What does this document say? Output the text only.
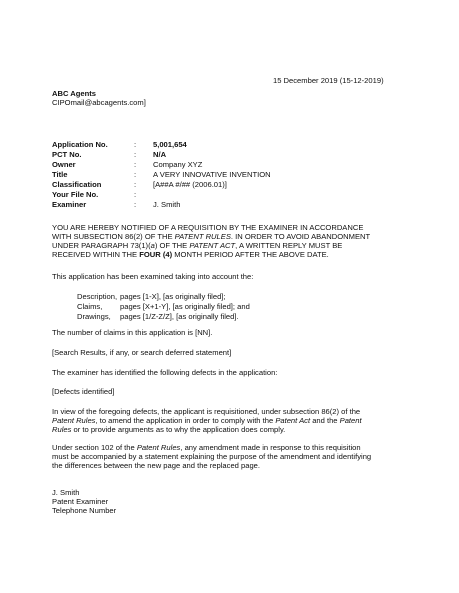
15 December 2019 (15-12-2019)
ABC Agents
CIPOmail@abcagents.com]
Application No.	: 5,001,654
PCT No.	: N/A
Owner	: Company XYZ
Title	: A VERY INNOVATIVE INVENTION
Classification	: [A##A #/## (2006.01)]
Your File No.	:
Examiner	: J. Smith
YOU ARE HEREBY NOTIFIED OF A REQUISITION BY THE EXAMINER IN ACCORDANCE
WITH SUBSECTION 86(2) OF THE PATENT RULES. IN ORDER TO AVOID ABANDONMENT
UNDER PARAGRAPH 73(1)(a) OF THE PATENT ACT, A WRITTEN REPLY MUST BE
RECEIVED WITHIN THE FOUR (4) MONTH PERIOD AFTER THE ABOVE DATE.
This application has been examined taking into account the:
Description, pages [1-X], [as originally filed];
Claims, pages [X+1-Y], [as originally filed]; and
Drawings, pages [1/Z-Z/Z], [as originally filed].
The number of claims in this application is [NN].
[Search Results, if any, or search deferred statement]
The examiner has identified the following defects in the application:
[Defects identified]
In view of the foregoing defects, the applicant is requisitioned, under subsection 86(2) of the
Patent Rules, to amend the application in order to comply with the Patent Act and the Patent
Rules or to provide arguments as to why the application does comply.
Under section 102 of the Patent Rules, any amendment made in response to this requisition
must be accompanied by a statement explaining the purpose of the amendment and identifying
the differences between the new page and the replaced page.
J. Smith
Patent Examiner
Telephone Number
